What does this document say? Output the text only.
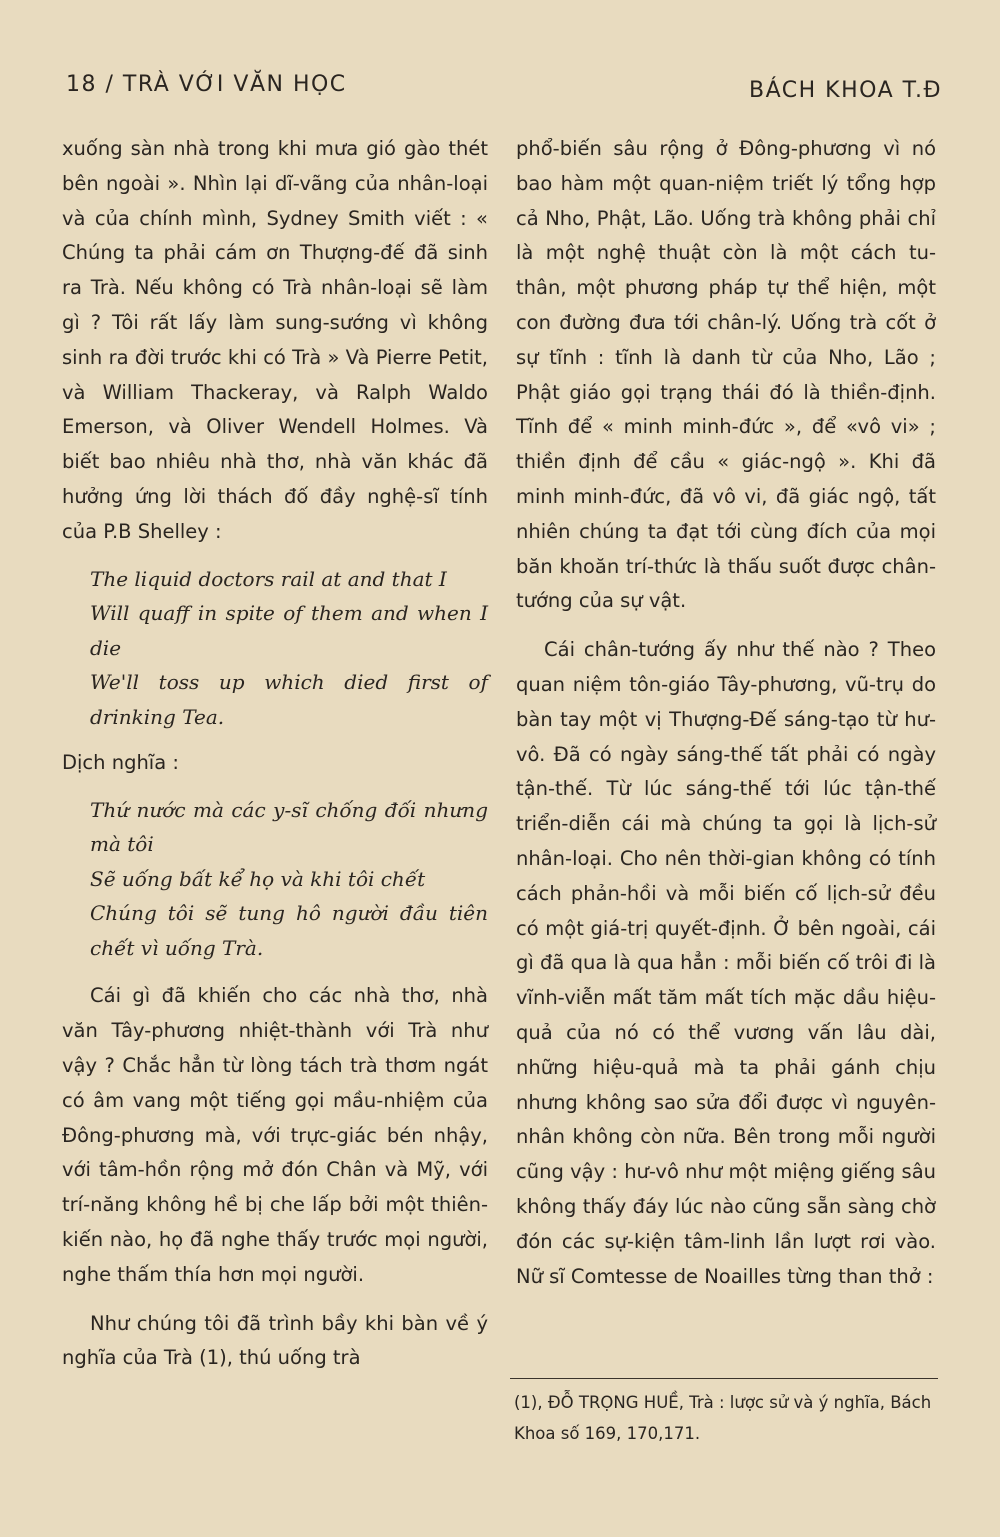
18 / TRÀ VỚI VĂN HỌC	BÁCH KHOA T.Đ

xuống sàn nhà trong khi mưa gió gào thét bên ngoài ». Nhìn lại dĩ-vãng của nhân-loại và của chính mình, Sydney Smith viết : « Chúng ta phải cám ơn Thượng-đế đã sinh ra Trà. Nếu không có Trà nhân-loại sẽ làm gì ? Tôi rất lấy làm sung-sướng vì không sinh ra đời trước khi có Trà » Và Pierre Petit, và William Thackeray, và Ralph Waldo Emerson, và Oliver Wendell Holmes. Và biết bao nhiêu nhà thơ, nhà văn khác đã hưởng ứng lời thách đố đầy nghệ-sĩ tính của P.B Shelley :

The liquid doctors rail at and that I
Will quaff in spite of them and when I die
We'll toss up which died first of drinking Tea.

Dịch nghĩa :

Thứ nước mà các y-sĩ chống đối nhưng mà tôi
Sẽ uống bất kể họ và khi tôi chết
Chúng tôi sẽ tung hô người đầu tiên chết vì uống Trà.

Cái gì đã khiến cho các nhà thơ, nhà văn Tây-phương nhiệt-thành với Trà như vậy ? Chắc hẳn từ lòng tách trà thơm ngát có âm vang một tiếng gọi mầu-nhiệm của Đông-phương mà, với trực-giác bén nhậy, với tâm-hồn rộng mở đón Chân và Mỹ, với trí-năng không hề bị che lấp bởi một thiên-kiến nào, họ đã nghe thấy trước mọi người, nghe thấm thía hơn mọi người.

Như chúng tôi đã trình bầy khi bàn về ý nghĩa của Trà (1), thú uống trà

phổ-biến sâu rộng ở Đông-phương vì nó bao hàm một quan-niệm triết lý tổng hợp cả Nho, Phật, Lão. Uống trà không phải chỉ là một nghệ thuật còn là một cách tu-thân, một phương pháp tự thể hiện, một con đường đưa tới chân-lý. Uống trà cốt ở sự tĩnh : tĩnh là danh từ của Nho, Lão ; Phật giáo gọi trạng thái đó là thiền-định. Tĩnh để « minh minh-đức », để «vô vi» ; thiền định để cầu « giác-ngộ ». Khi đã minh minh-đức, đã vô vi, đã giác ngộ, tất nhiên chúng ta đạt tới cùng đích của mọi băn khoăn trí-thức là thấu suốt được chân-tướng của sự vật.

Cái chân-tướng ấy như thế nào ? Theo quan niệm tôn-giáo Tây-phương, vũ-trụ do bàn tay một vị Thượng-Đế sáng-tạo từ hư-vô. Đã có ngày sáng-thế tất phải có ngày tận-thế. Từ lúc sáng-thế tới lúc tận-thế triển-diễn cái mà chúng ta gọi là lịch-sử nhân-loại. Cho nên thời-gian không có tính cách phản-hồi và mỗi biến cố lịch-sử đều có một giá-trị quyết-định. Ở bên ngoài, cái gì đã qua là qua hẳn : mỗi biến cố trôi đi là vĩnh-viễn mất tăm mất tích mặc dầu hiệu-quả của nó có thể vương vấn lâu dài, những hiệu-quả mà ta phải gánh chịu nhưng không sao sửa đổi được vì nguyên-nhân không còn nữa. Bên trong mỗi người cũng vậy : hư-vô như một miệng giếng sâu không thấy đáy lúc nào cũng sẵn sàng chờ đón các sự-kiện tâm-linh lần lượt rơi vào. Nữ sĩ Comtesse de Noailles từng than thở :

(1), ĐỖ TRỌNG HUỀ, Trà : lược sử và ý nghĩa, Bách Khoa số 169, 170,171.
